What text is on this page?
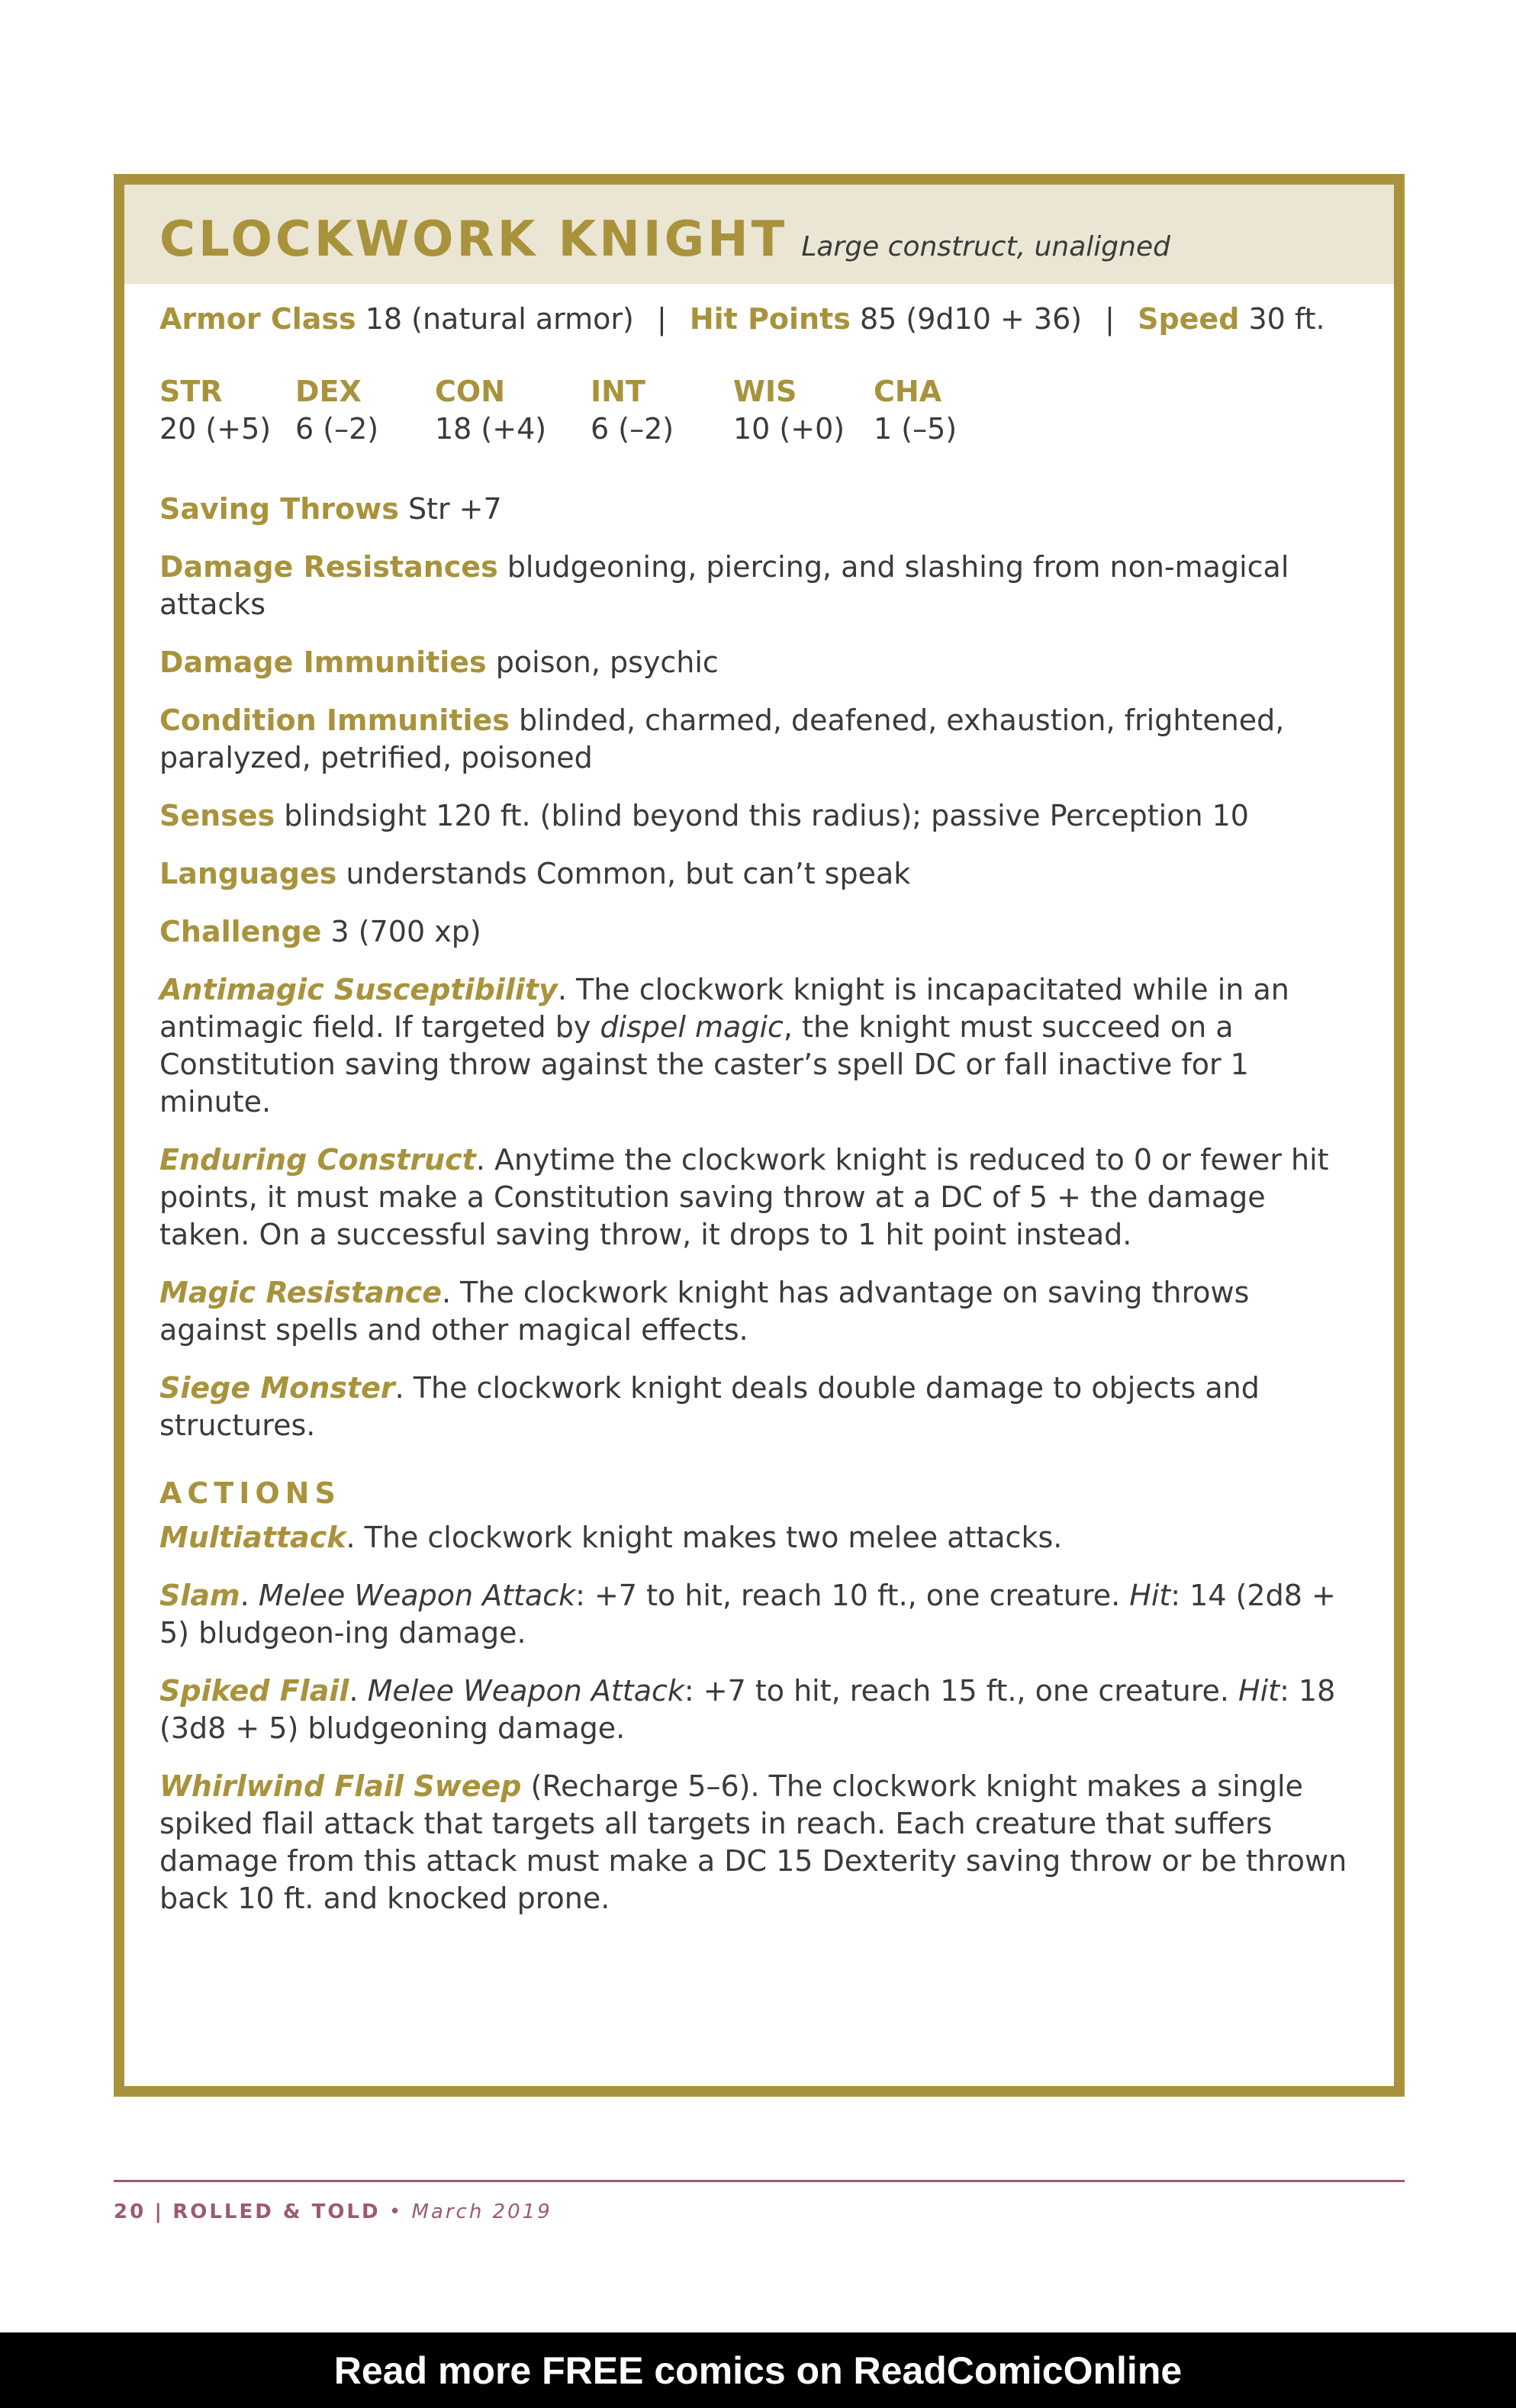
CLOCKWORK KNIGHT Large construct, unaligned
Armor Class 18 (natural armor) | Hit Points 85 (9d10 + 36) | Speed 30 ft.
STR
20 (+5)
DEX
6 (–2)
CON
18 (+4)
INT
6 (–2)
WIS
10 (+0)
CHA
1 (–5)

Saving Throws Str +7

Damage Resistances bludgeoning, piercing, and slashing from non-magical attacks

Damage Immunities poison, psychic

Condition Immunities blinded, charmed, deafened, exhaustion, frightened, paralyzed, petrified, poisoned

Senses blindsight 120 ft. (blind beyond this radius); passive Perception 10

Languages understands Common, but can’t speak

Challenge 3 (700 xp)

Antimagic Susceptibility. The clockwork knight is incapacitated while in an antimagic field. If targeted by dispel magic, the knight must succeed on a Constitution saving throw against the caster’s spell DC or fall inactive for 1 minute.

Enduring Construct. Anytime the clockwork knight is reduced to 0 or fewer hit points, it must make a Constitution saving throw at a DC of 5 + the damage taken. On a successful saving throw, it drops to 1 hit point instead.

Magic Resistance. The clockwork knight has advantage on saving throws against spells and other magical effects.

Siege Monster. The clockwork knight deals double damage to objects and structures.

ACTIONS

Multiattack. The clockwork knight makes two melee attacks.

Slam. Melee Weapon Attack: +7 to hit, reach 10 ft., one creature. Hit: 14 (2d8 + 5) bludgeon-ing damage.

Spiked Flail. Melee Weapon Attack: +7 to hit, reach 15 ft., one creature. Hit: 18 (3d8 + 5) bludgeoning damage.

Whirlwind Flail Sweep (Recharge 5–6). The clockwork knight makes a single spiked flail attack that targets all targets in reach. Each creature that suffers damage from this attack must make a DC 15 Dexterity saving throw or be thrown back 10 ft. and knocked prone.

20 | ROLLED & TOLD • March 2019
Read more FREE comics on ReadComicOnline
